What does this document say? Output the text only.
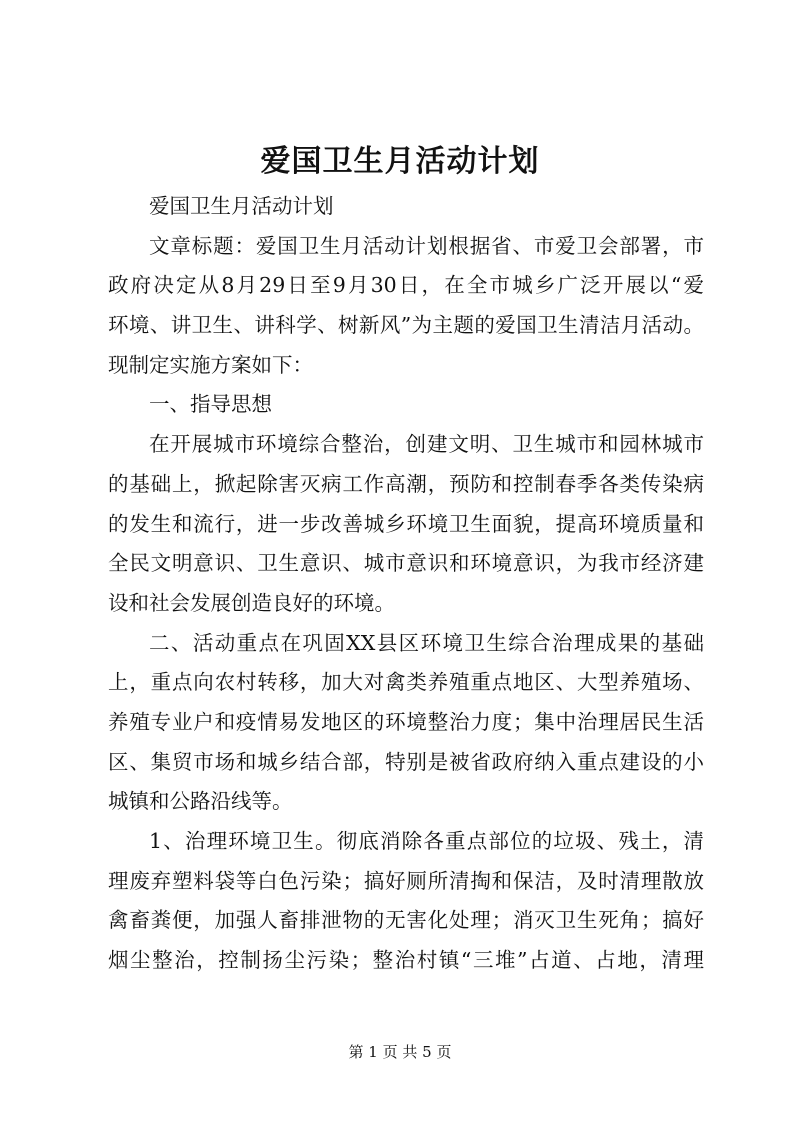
爱国卫生月活动计划
爱国卫生月活动计划
文章标题：爱国卫生月活动计划根据省、市爱卫会部署，市
政府决定从8月29日至9月30日，在全市城乡广泛开展以“爱
环境、讲卫生、讲科学、树新风”为主题的爱国卫生清洁月活动。
现制定实施方案如下：
一、指导思想
在开展城市环境综合整治，创建文明、卫生城市和园林城市
的基础上，掀起除害灭病工作高潮，预防和控制春季各类传染病
的发生和流行，进一步改善城乡环境卫生面貌，提高环境质量和
全民文明意识、卫生意识、城市意识和环境意识，为我市经济建
设和社会发展创造良好的环境。
二、活动重点在巩固XX县区环境卫生综合治理成果的基础
上，重点向农村转移，加大对禽类养殖重点地区、大型养殖场、
养殖专业户和疫情易发地区的环境整治力度；集中治理居民生活
区、集贸市场和城乡结合部，特别是被省政府纳入重点建设的小
城镇和公路沿线等。
1、治理环境卫生。彻底消除各重点部位的垃圾、残土，清
理废弃塑料袋等白色污染；搞好厕所清掏和保洁，及时清理散放
禽畜粪便，加强人畜排泄物的无害化处理；消灭卫生死角；搞好
烟尘整治，控制扬尘污染；整治村镇“三堆”占道、占地，清理
第 1 页 共 5 页
